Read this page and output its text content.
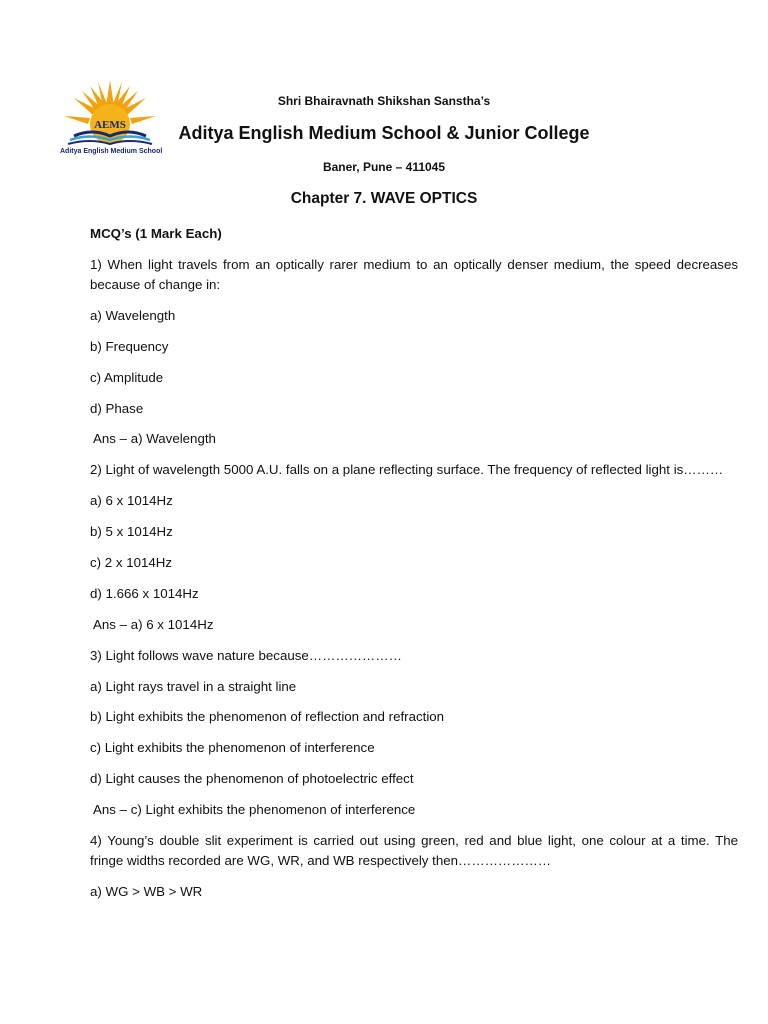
AEMS
Aditya English Medium School
Shri Bhairavnath Shikshan Sanstha’s
Aditya English Medium School & Junior College
Baner, Pune – 411045
Chapter 7. WAVE OPTICS

MCQ’s (1 Mark Each)

1) When light travels from an optically rarer medium to an optically denser medium, the speed decreases because of change in:

a) Wavelength

b) Frequency

c) Amplitude

d) Phase

Ans – a) Wavelength

2) Light of wavelength 5000 A.U. falls on a plane reflecting surface. The frequency of reflected light is………

a) 6 x 1014Hz

b) 5 x 1014Hz

c) 2 x 1014Hz

d) 1.666 x 1014Hz

Ans – a) 6 x 1014Hz

3) Light follows wave nature because…………………

a) Light rays travel in a straight line

b) Light exhibits the phenomenon of reflection and refraction

c) Light exhibits the phenomenon of interference

d) Light causes the phenomenon of photoelectric effect

Ans – c) Light exhibits the phenomenon of interference

4) Young’s double slit experiment is carried out using green, red and blue light, one colour at a time. The fringe widths recorded are WG, WR, and WB respectively then…………………

a) WG > WB > WR
